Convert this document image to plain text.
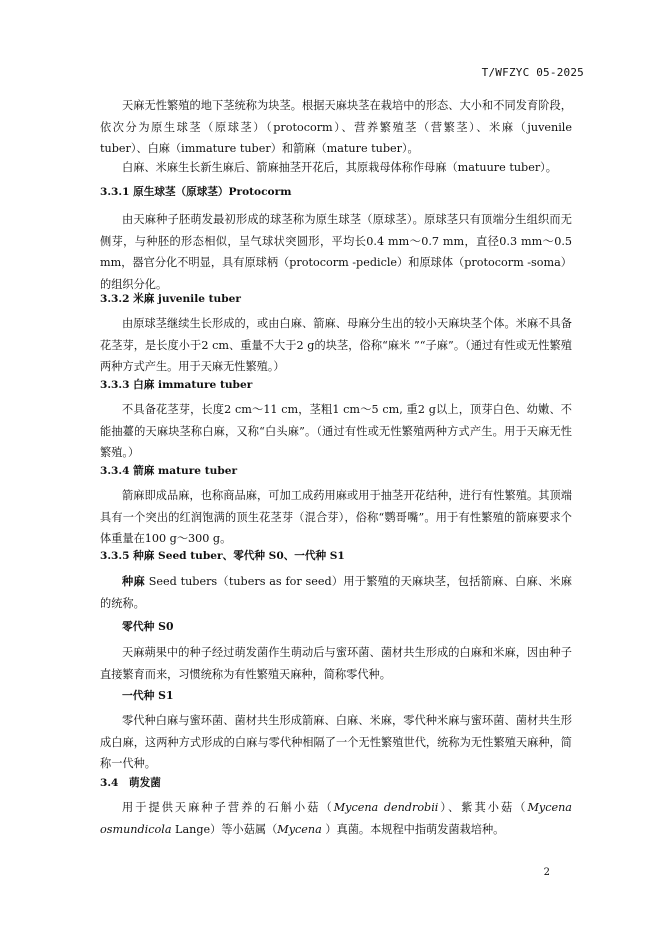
T/WFZYC 05-2025

天麻无性繁殖的地下茎统称为块茎。根据天麻块茎在栽培中的形态、大小和不同发育阶段，依次分为原生球茎（原球茎）（protocorm）、营养繁殖茎（营繁茎）、米麻（juvenile tuber）、白麻（immature tuber）和箭麻（mature tuber）。

白麻、米麻生长新生麻后、箭麻抽茎开花后，其原栽母体称作母麻（matuure tuber）。

3.3.1 原生球茎（原球茎）Protocorm

由天麻种子胚萌发最初形成的球茎称为原生球茎（原球茎）。原球茎只有顶端分生组织而无侧芽，与种胚的形态相似，呈气球状突圆形，平均长0.4 mm～0.7 mm，直径0.3 mm～0.5 mm，器官分化不明显，具有原球柄（protocorm -pedicle）和原球体（protocorm -soma）的组织分化。

3.3.2 米麻 juvenile tuber

由原球茎继续生长形成的，或由白麻、箭麻、母麻分生出的较小天麻块茎个体。米麻不具备花茎芽，是长度小于2 cm、重量不大于2 g的块茎，俗称“麻米 ”“子麻”。（通过有性或无性繁殖两种方式产生。用于天麻无性繁殖。）

3.3.3 白麻 immature tuber

不具备花茎芽，长度2 cm～11 cm，茎粗1 cm～5 cm, 重2 g以上，顶芽白色、幼嫩、不能抽薹的天麻块茎称白麻，又称“白头麻”。（通过有性或无性繁殖两种方式产生。用于天麻无性繁殖。）

3.3.4 箭麻 mature tuber

箭麻即成品麻，也称商品麻，可加工成药用麻或用于抽茎开花结种，进行有性繁殖。其顶端具有一个突出的红润饱满的顶生花茎芽（混合芽），俗称“鹦哥嘴”。用于有性繁殖的箭麻要求个体重量在100 g～300 g。

3.3.5 种麻 Seed tuber、零代种 S0、一代种 S1

种麻 Seed tubers（tubers as for seed）用于繁殖的天麻块茎，包括箭麻、白麻、米麻的统称。

零代种 S0

天麻蒴果中的种子经过萌发菌作生萌动后与蜜环菌、菌材共生形成的白麻和米麻，因由种子直接繁育而来，习惯统称为有性繁殖天麻种，简称零代种。

一代种 S1

零代种白麻与蜜环菌、菌材共生形成箭麻、白麻、米麻，零代种米麻与蜜环菌、菌材共生形成白麻，这两种方式形成的白麻与零代种相隔了一个无性繁殖世代，统称为无性繁殖天麻种，简称一代种。

3.4　萌发菌

用于提供天麻种子营养的石斛小菇（Mycena dendrobii）、紫萁小菇（Mycena osmundicola Lange）等小菇属（Mycena ）真菌。本规程中指萌发菌栽培种。

2
